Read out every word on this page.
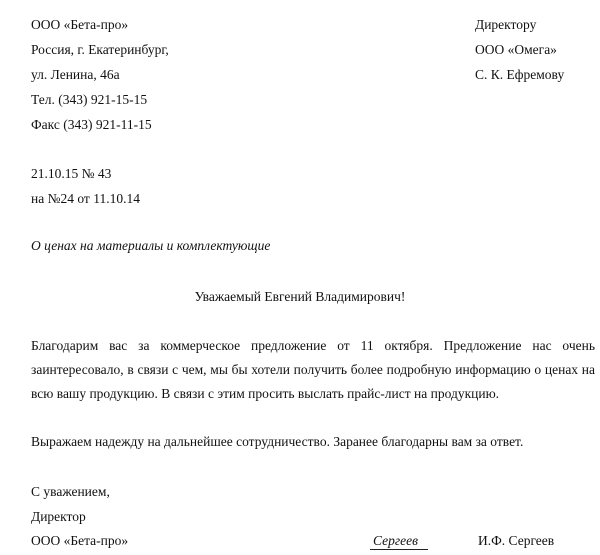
ООО «Бета-про»
Россия, г. Екатеринбург,
ул. Ленина, 46а
Тел. (343) 921-15-15
Факс (343) 921-11-15
Директору
ООО «Омега»
С. К. Ефремову
21.10.15 № 43
на №24 от 11.10.14
О ценах на материалы и комплектующие
Уважаемый Евгений Владимирович!
Благодарим вас за коммерческое предложение от 11 октября. Предложение нас очень заинтересовало, в связи с чем, мы бы хотели получить более подробную информацию о ценах на всю вашу продукцию. В связи с этим просить выслать прайс-лист на продукцию.
Выражаем надежду на дальнейшее сотрудничество. Заранее благодарны вам за ответ.
С уважением,
Директор
ООО «Бета-про»	Сергеев	И.Ф. Сергеев
